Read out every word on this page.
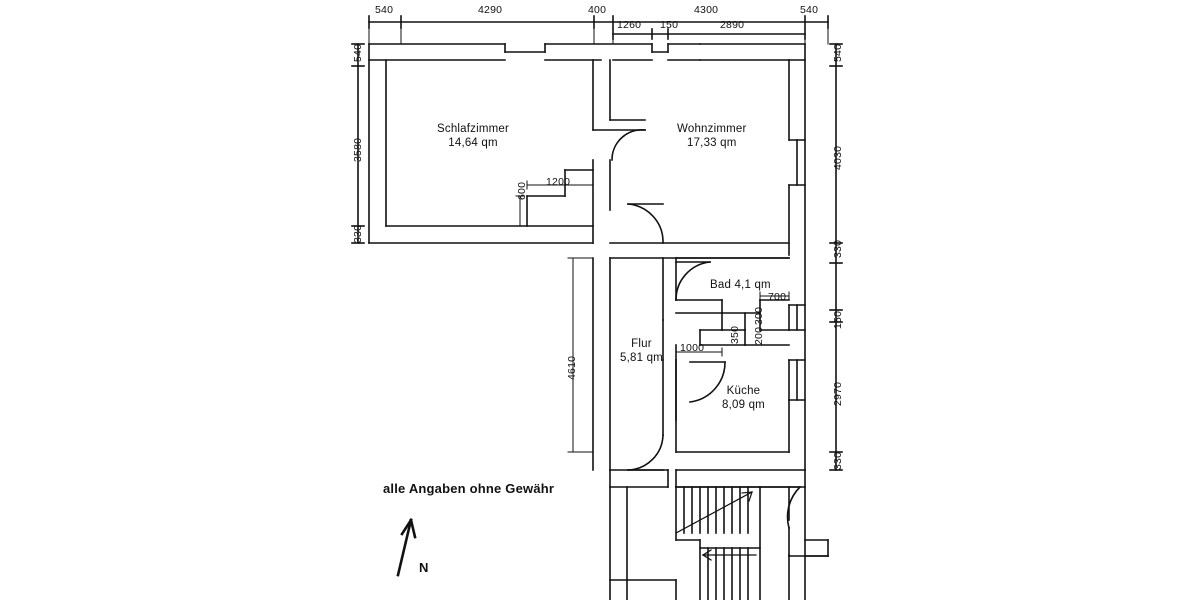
540	4290	400	4300	540
1260 150	2890
540
3580
330
540
4030
330
150
2970
330
1200
600
4610
700
300
350 200
1000
Schlafzimmer
14,64 qm
Wohnzimmer
17,33 qm
Bad 4,1 qm
Flur
5,81 qm
Küche
8,09 qm
alle Angaben ohne Gewähr
N
